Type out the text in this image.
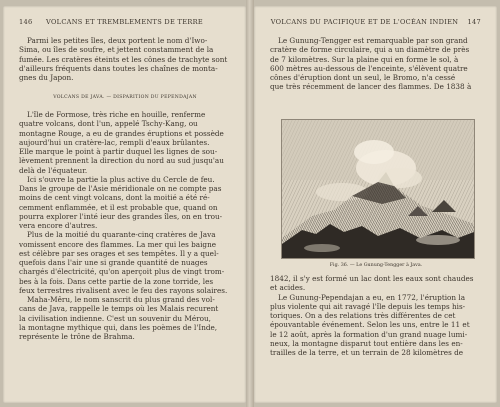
146	VOLCANS ET TREMBLEMENTS DE TERRE
Parmi les petites îles, deux portent le nom d'Iwo-
Sima, ou îles de soufre, et jettent constamment de la
fumée. Les cratères éteints et les cônes de trachyte sont
d'ailleurs fréquents dans toutes les chaînes de monta-
gnes du Japon.
VOLCANS DE JAVA. — DISPARITION DU PEPENDAJAN
L'île de Formose, très riche en houille, renferme
quatre volcans, dont l'un, appelé Tschy-Kang, ou
montagne Rouge, a eu de grandes éruptions et possède
aujourd'hui un cratère-lac, rempli d'eaux brûlantes.
Elle marque le point à partir duquel les lignes de sou-
lèvement prennent la direction du nord au sud jusqu'au
delà de l'équateur.
Ici s'ouvre la partie la plus active du Cercle de feu.
Dans le groupe de l'Asie méridionale on ne compte pas
moins de cent vingt volcans, dont la moitié a été ré-
cemment enflammée, et il est probable que, quand on
pourra explorer l'inté ieur des grandes îles, on en trou-
vera encore d'autres.
Plus de la moitié du quarante-cinq cratères de Java
vomissent encore des flammes. La mer qui les baigne
est célèbre par ses orages et ses tempêtes. Il y a quel-
quefois dans l'air une si grande quantité de nuages
chargés d'électricité, qu'on aperçoit plus de vingt trom-
bes à la fois. Dans cette partie de la zone torride, les
feux terrestres rivalisent avec le feu des rayons solaires.
Maha-Mêru, le nom sanscrit du plus grand des vol-
cans de Java, rappelle le temps où les Malais recurent
la civilisation indienne. C'est un souvenir du Mérou,
la montagne mythique qui, dans les poèmes de l'Inde,
représente le trône de Brahma.
VOLCANS DU PACIFIQUE ET DE L'OCÉAN INDIEN	147
Le Gunung-Tengger est remarquable par son grand
cratère de forme circulaire, qui a un diamètre de près
de 7 kilomètres. Sur la plaine qui en forme le sol, à
600 mètres au-dessous de l'enceinte, s'élèvent quatre
cônes d'éruption dont un seul, le Bromo, n'a cessé
que très récemment de lancer des flammes. De 1838 à
Fig. 36. — Le Gunung-Tengger à Java.
1842, il s'y est formé un lac dont les eaux sont chaudes
et acides.
Le Gunung-Pependajan a eu, en 1772, l'éruption la
plus violente qui ait ravagé l'île depuis les temps his-
toriques. On a des relations très différentes de cet
épouvantable événement. Selon les uns, entre le 11 et
le 12 août, après la formation d'un grand nuage lumi-
neux, la montagne disparut tout entière dans les en-
trailles de la terre, et un terrain de 28 kilomètres de
